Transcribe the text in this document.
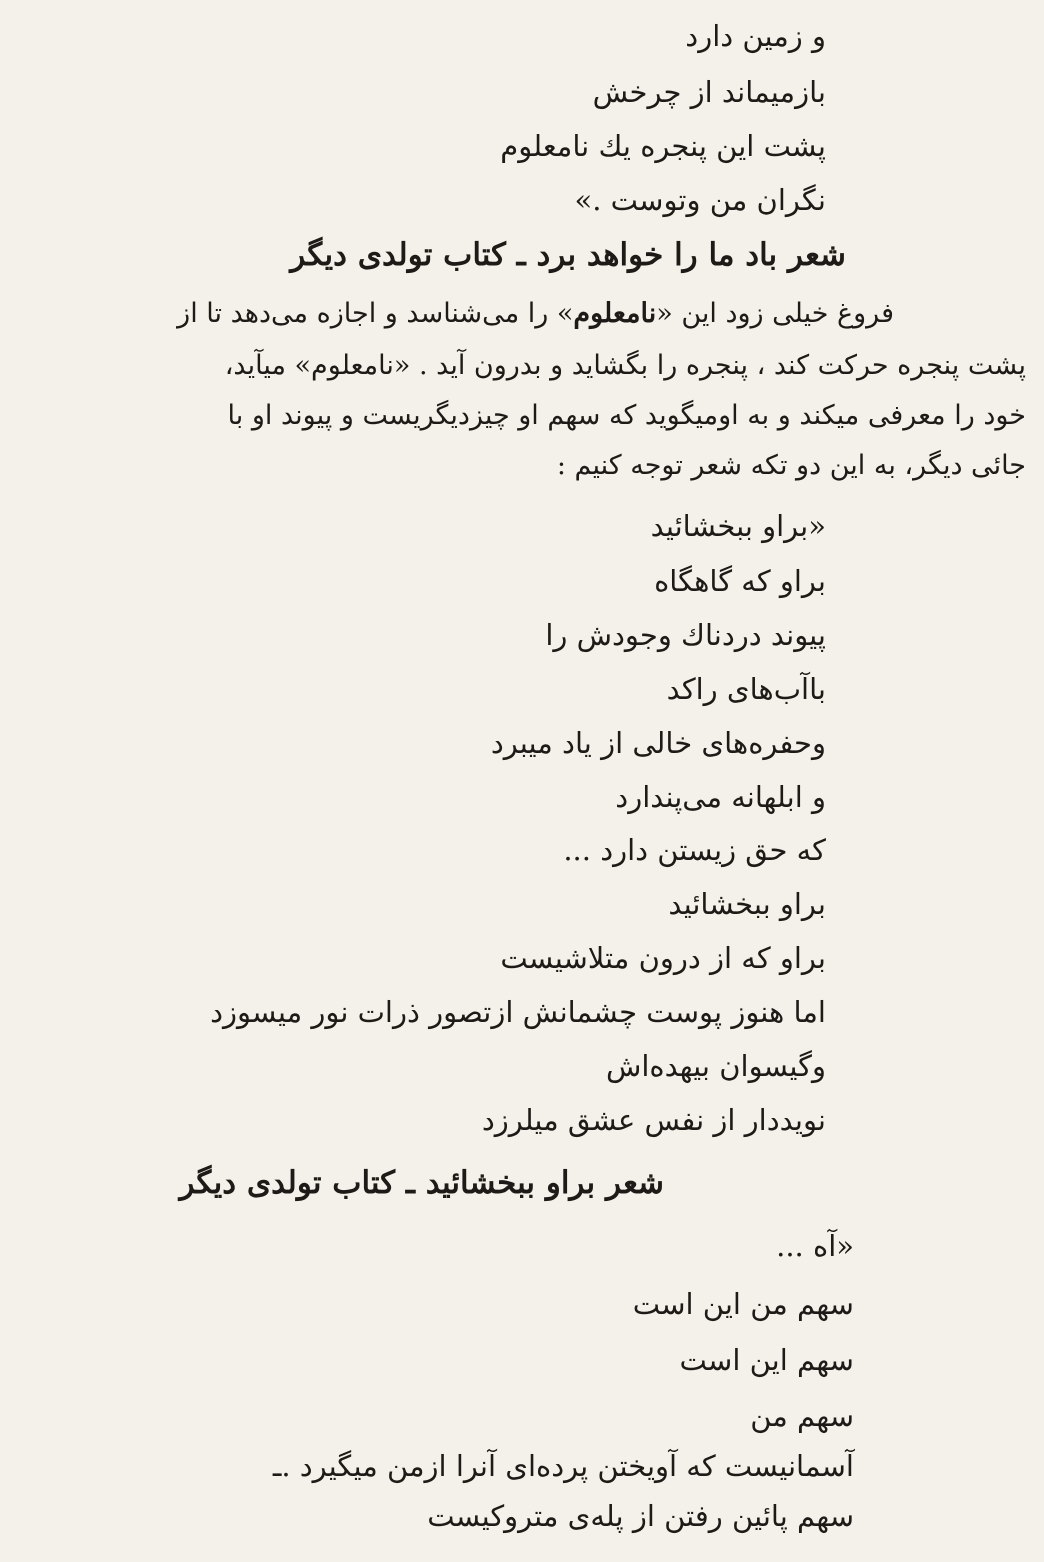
و زمین دارد
بازمیماند از چرخش
پشت این پنجره یك نامعلوم
نگران من وتوست .»
شعر باد ما را خواهد برد ـ کتاب تولدی دیگر
فروغ خیلی زود این «نامعلوم» را می‌شناسد و اجازه می‌دهد تا از
پشت پنجره حرکت کند ، پنجره را بگشاید و بدرون آید . «نامعلوم» میآید،
خود را معرفی میکند و به اومیگوید که سهم او چیزدیگریست و پیوند او با
جائی دیگر، به این دو تکه شعر توجه کنیم :
«براو ببخشائید
براو که گاهگاه
پیوند دردناك وجودش را
باآب‌های راکد
وحفره‌های خالی از یاد میبرد
و ابلهانه می‌پندارد
که حق زیستن دارد ...
براو ببخشائید
براو که از درون متلاشیست
اما هنوز پوست چشمانش ازتصور ذرات نور میسوزد
وگیسوان بیهده‌اش
نویددار از نفس عشق میلرزد
شعر براو ببخشائید ـ کتاب تولدی دیگر
«آه ...
سهم من این است
سهم این است
سهم من
آسمانیست که آویختن پرده‌ای آنرا ازمن میگیرد .ـ
سهم پائین رفتن از پله‌ی متروکیست
